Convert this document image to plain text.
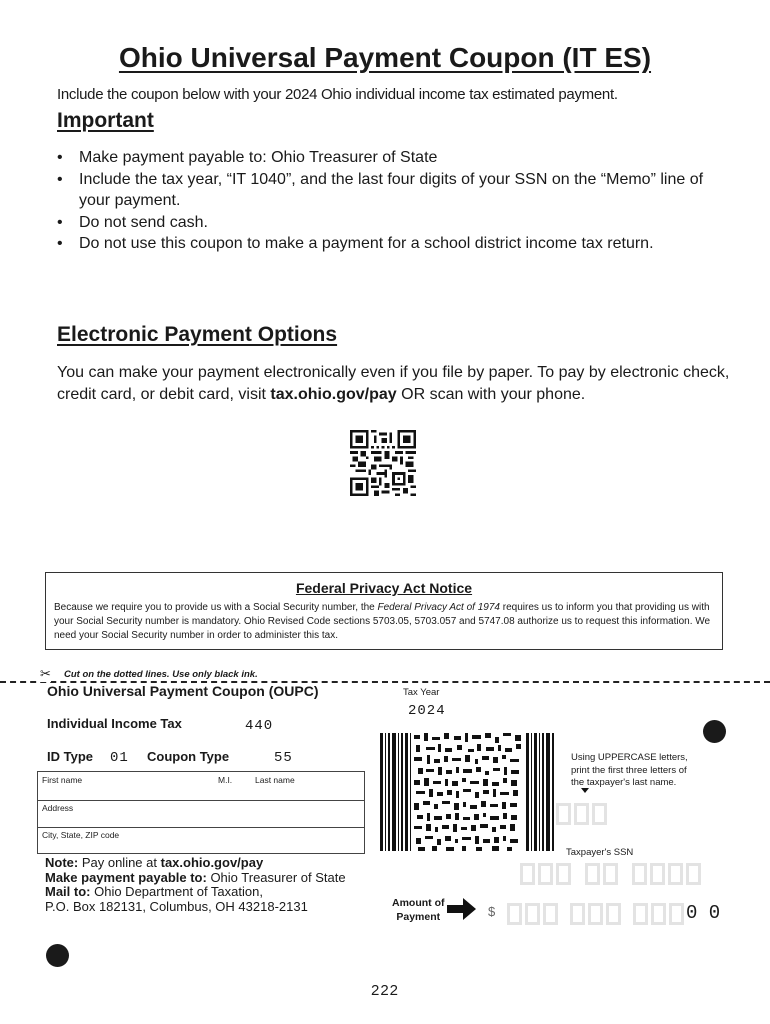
Ohio Universal Payment Coupon (IT ES)
Include the coupon below with your 2024 Ohio individual income tax estimated payment.
Important
• Make payment payable to: Ohio Treasurer of State
• Include the tax year, “IT 1040”, and the last four digits of your SSN on the “Memo” line of your payment.
• Do not send cash.
• Do not use this coupon to make a payment for a school district income tax return.
Electronic Payment Options
You can make your payment electronically even if you file by paper. To pay by electronic check, credit card, or debit card, visit tax.ohio.gov/pay OR scan with your phone.
Federal Privacy Act Notice
Because we require you to provide us with a Social Security number, the Federal Privacy Act of 1974 requires us to inform you that providing us with your Social Security number is mandatory. Ohio Revised Code sections 5703.05, 5703.057 and 5747.08 authorize us to request this information. We need your Social Security number in order to administer this tax.
✂ Cut on the dotted lines. Use only black ink.
Ohio Universal Payment Coupon (OUPC)	Tax Year
2024
Individual Income Tax	440
ID Type 01 Coupon Type	55
First name	M.I.	Last name
Address
City, State, ZIP code
Using UPPERCASE letters, print the first three letters of the taxpayer's last name.
Taxpayer's SSN
Amount of
Payment	$	0 0
Note: Pay online at tax.ohio.gov/pay
Make payment payable to: Ohio Treasurer of State
Mail to: Ohio Department of Taxation,
P.O. Box 182131, Columbus, OH 43218-2131
222
